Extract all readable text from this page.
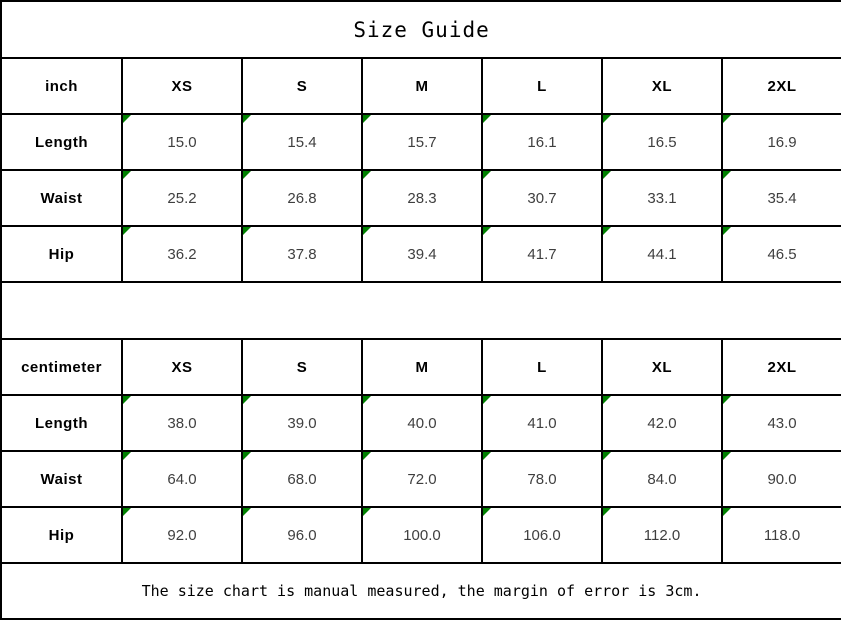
Size Guide						
inch	XS	S	M	L	XL	2XL
Length	15.0	15.4	15.7	16.1	16.5	16.9
Waist	25.2	26.8	28.3	30.7	33.1	35.4
Hip	36.2	37.8	39.4	41.7	44.1	46.5

centimeter	XS	S	M	L	XL	2XL
Length	38.0	39.0	40.0	41.0	42.0	43.0
Waist	64.0	68.0	72.0	78.0	84.0	90.0
Hip	92.0	96.0	100.0	106.0	112.0	118.0
The size chart is manual measured, the margin of error is 3cm.						
